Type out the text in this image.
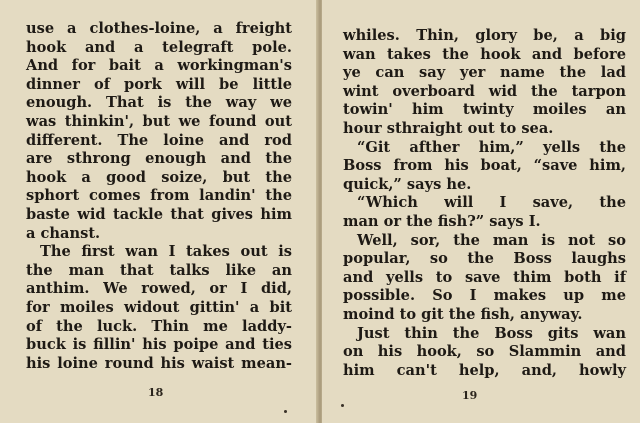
use a clothes-loine, a freight
hook and a telegraft pole.
And for bait a workingman's
dinner of pork will be little
enough. That is the way we
was thinkin', but we found out
different. The loine and rod
are sthrong enough and the
hook a good soize, but the
sphort comes from landin' the
baste wid tackle that gives him
a chanst.
The first wan I takes out is
the man that talks like an
anthim. We rowed, or I did,
for moiles widout gittin' a bit
of the luck. Thin me laddy-
buck is fillin' his poipe and ties
his loine round his waist mean-
18
whiles. Thin, glory be, a big
wan takes the hook and before
ye can say yer name the lad
wint overboard wid the tarpon
towin' him twinty moiles an
hour sthraight out to sea.
“Git afther him,” yells the
Boss from his boat, “save him,
quick,” says he.
“Which will I save, the
man or the fish?” says I.
Well, sor, the man is not so
popular, so the Boss laughs
and yells to save thim both if
possible. So I makes up me
moind to git the fish, anyway.
Just thin the Boss gits wan
on his hook, so Slammin and
him can't help, and, howly
19
